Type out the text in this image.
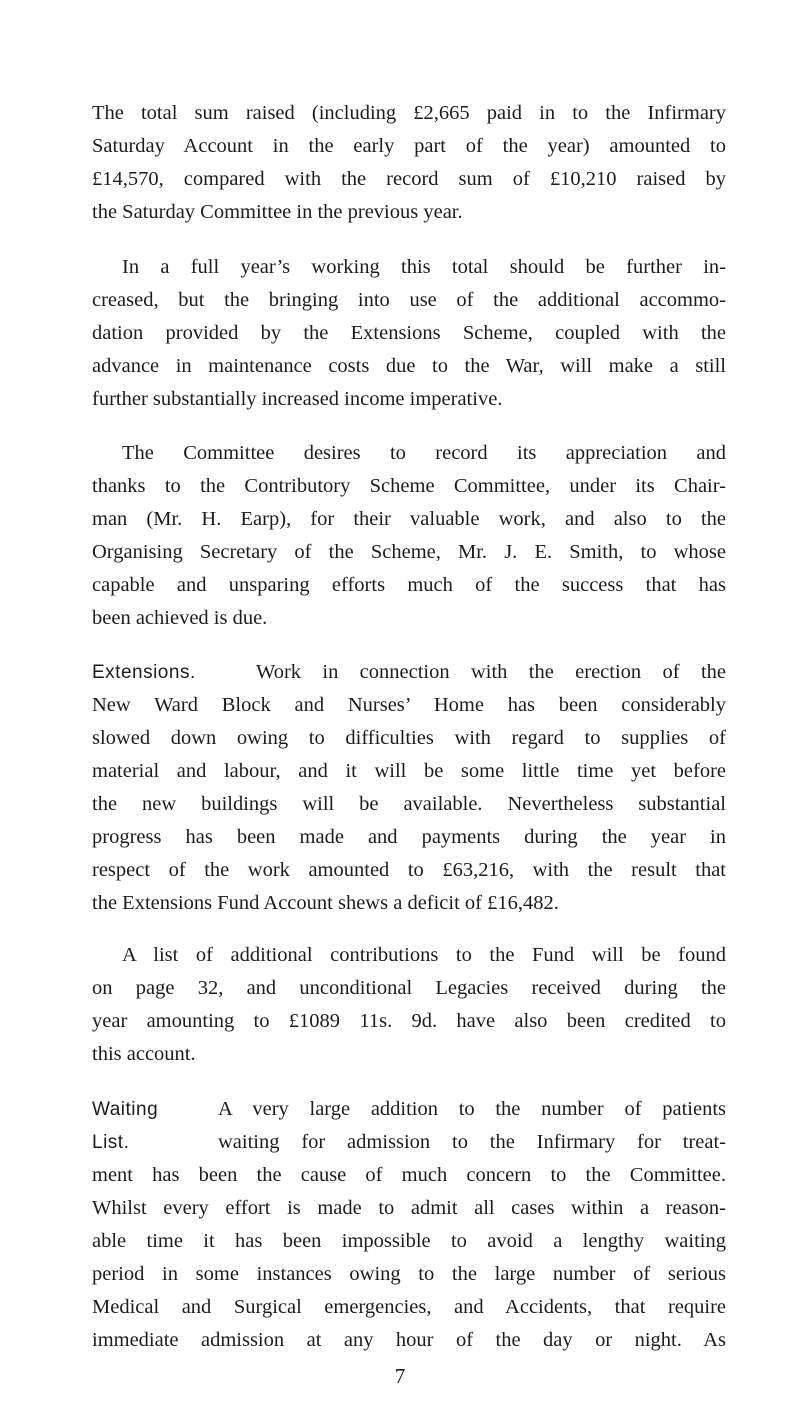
The total sum raised (including £2,665 paid in to the Infirmary
Saturday Account in the early part of the year) amounted to
£14,570, compared with the record sum of £10,210 raised by
the Saturday Committee in the previous year.
In a full year’s working this total should be further in-
creased, but the bringing into use of the additional accommo-
dation provided by the Extensions Scheme, coupled with the
advance in maintenance costs due to the War, will make a still
further substantially increased income imperative.
The Committee desires to record its appreciation and
thanks to the Contributory Scheme Committee, under its Chair-
man (Mr. H. Earp), for their valuable work, and also to the
Organising Secretary of the Scheme, Mr. J. E. Smith, to whose
capable and unsparing efforts much of the success that has
been achieved is due.
Extensions.	Work in connection with the erection of the
New Ward Block and Nurses’ Home has been considerably
slowed down owing to difficulties with regard to supplies of
material and labour, and it will be some little time yet before
the new buildings will be available. Nevertheless substantial
progress has been made and payments during the year in
respect of the work amounted to £63,216, with the result that
the Extensions Fund Account shews a deficit of £16,482.
A list of additional contributions to the Fund will be found
on page 32, and unconditional Legacies received during the
year amounting to £1089 11s. 9d. have also been credited to
this account.
Waiting
List.
A very large addition to the number of patients
waiting for admission to the Infirmary for treat-
ment has been the cause of much concern to the Committee.
Whilst every effort is made to admit all cases within a reason-
able time it has been impossible to avoid a lengthy waiting
period in some instances owing to the large number of serious
Medical and Surgical emergencies, and Accidents, that require
immediate admission at any hour of the day or night. As
7
